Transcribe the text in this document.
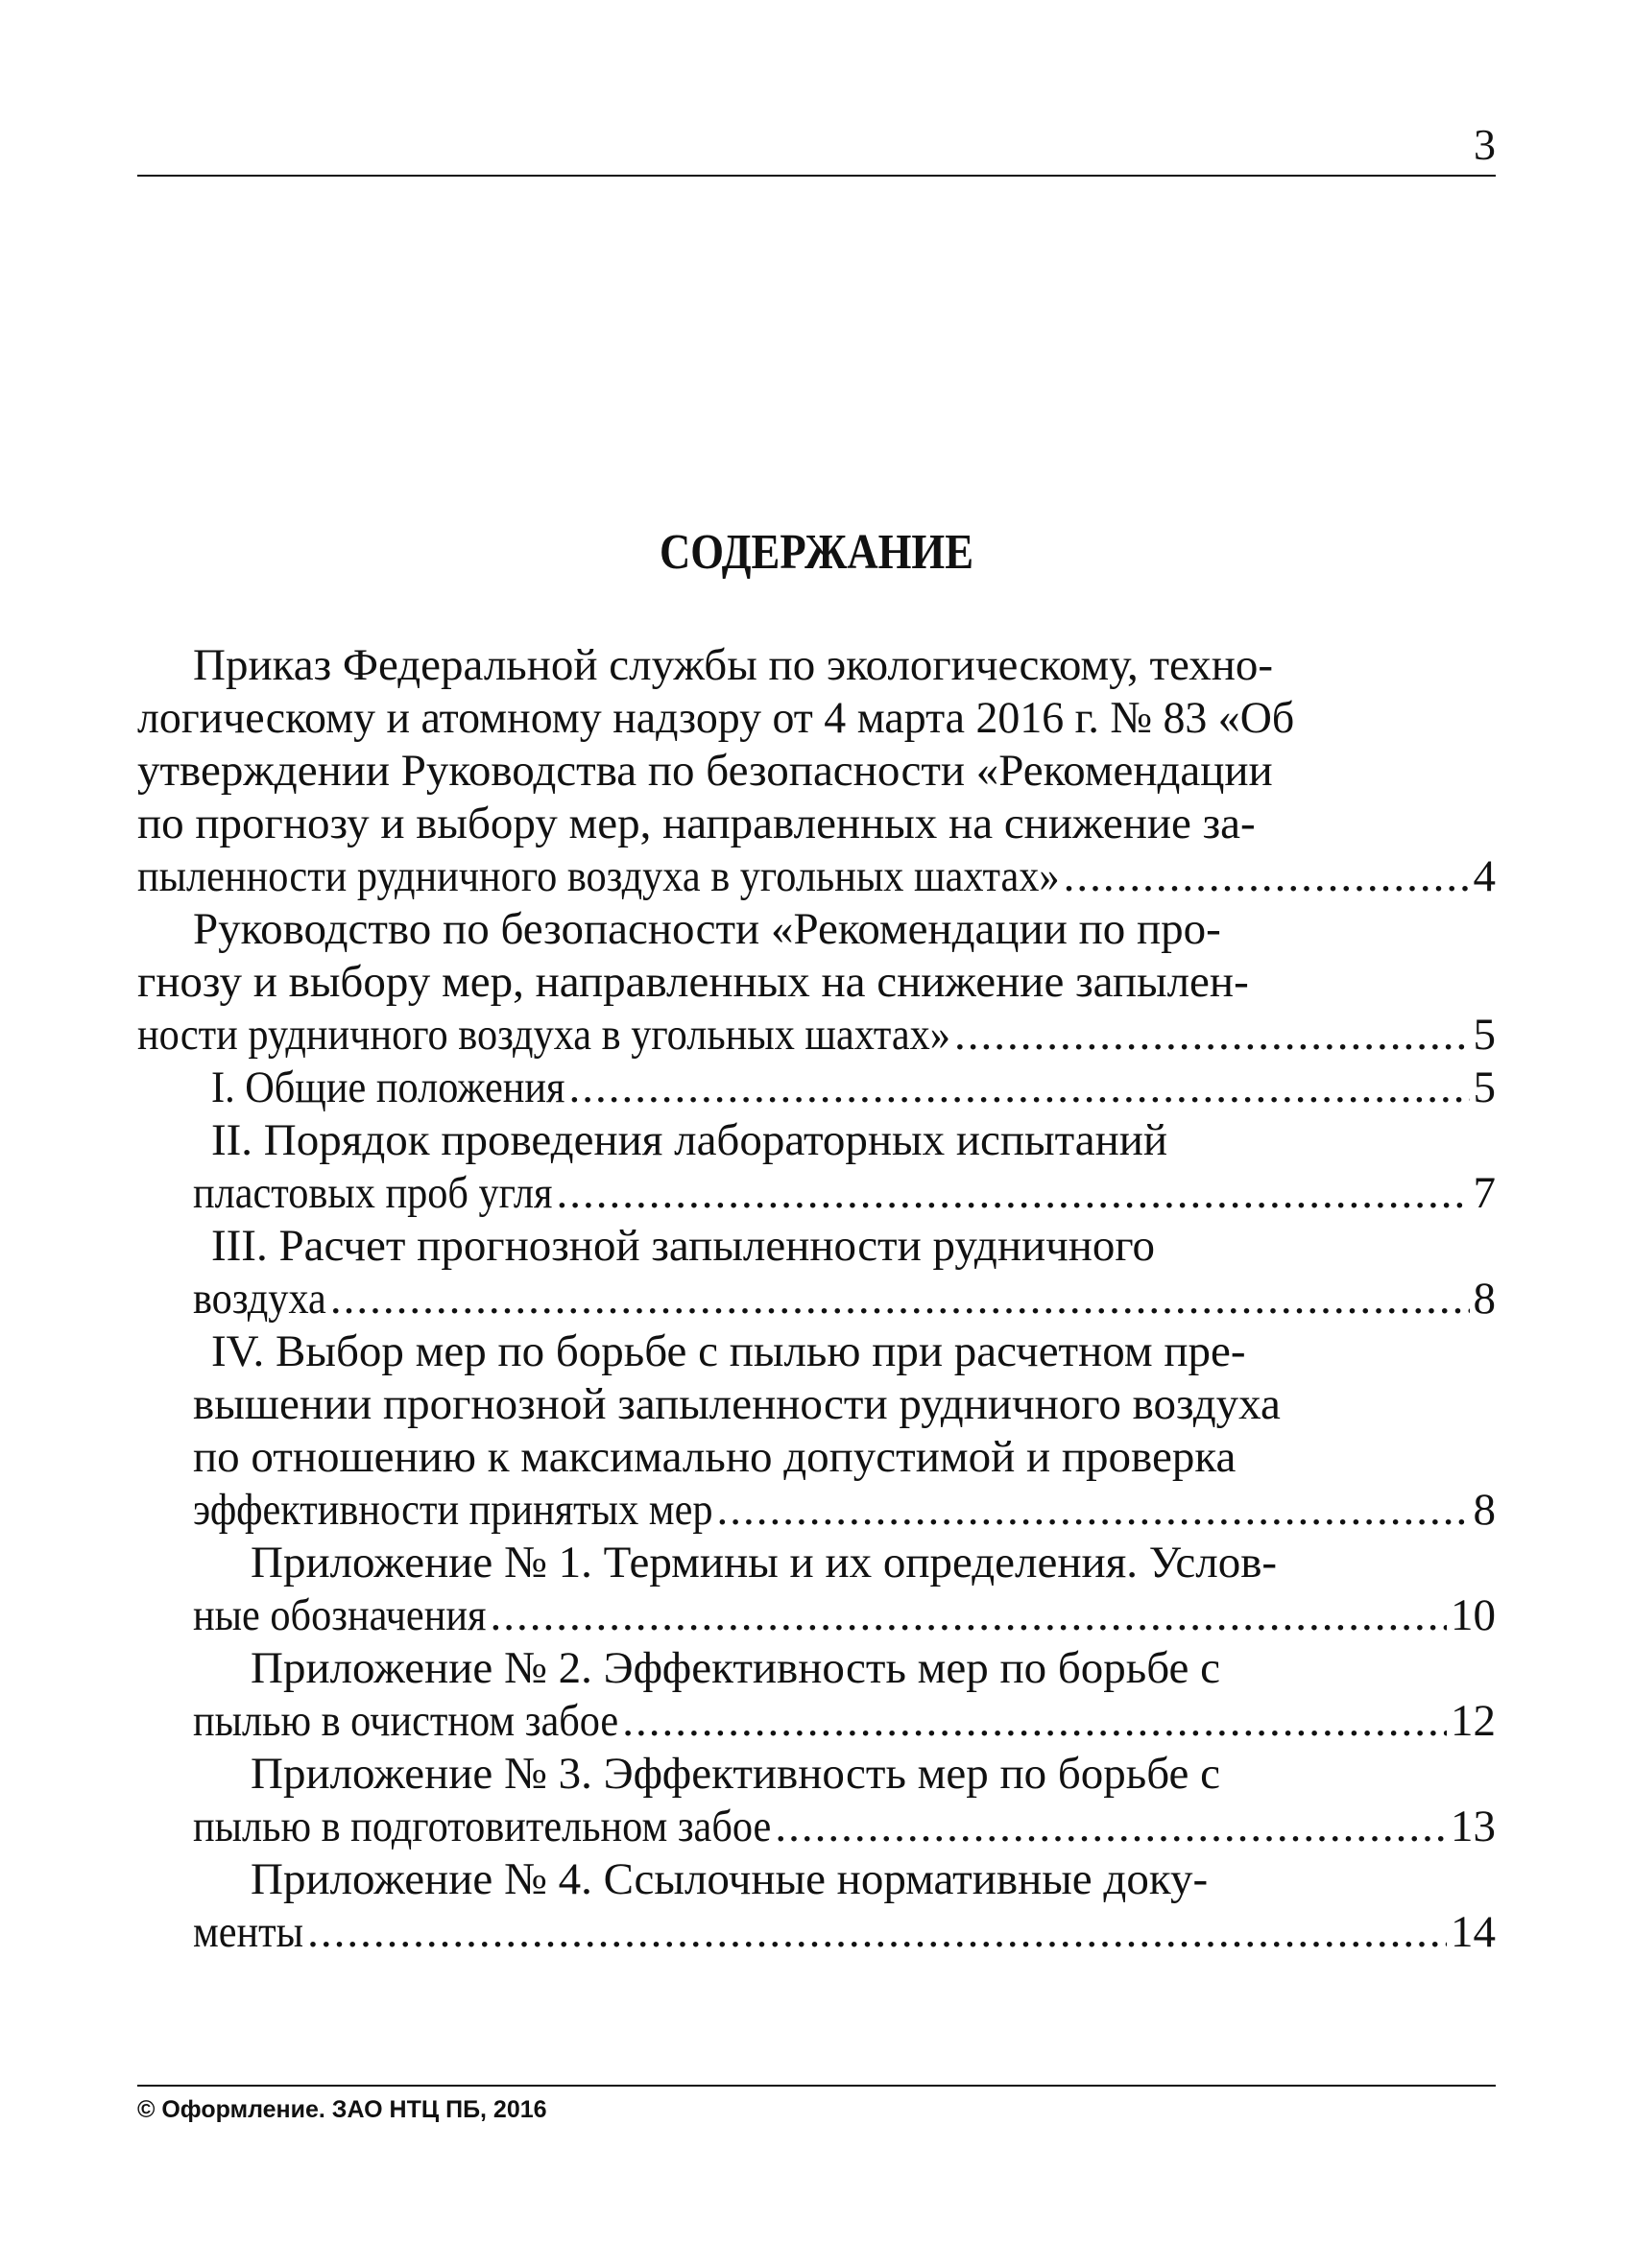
3
СОДЕРЖАНИЕ
Приказ Федеральной службы по экологическому, техно-
логическому и атомному надзору от 4 марта 2016 г. № 83 «Об
утверждении Руководства по безопасности «Рекомендации
по прогнозу и выбору мер, направленных на снижение за-
пыленности рудничного воздуха в угольных шахтах» .....	4
Руководство по безопасности «Рекомендации по про-
гнозу и выбору мер, направленных на снижение запылен-
ности рудничного воздуха в угольных шахтах» .....	5
I. Общие положения .....	5
II. Порядок проведения лабораторных испытаний
пластовых проб угля .....	7
III. Расчет прогнозной запыленности рудничного
воздуха .....	8
IV. Выбор мер по борьбе с пылью при расчетном пре-
вышении прогнозной запыленности рудничного воздуха
по отношению к максимально допустимой и проверка
эффективности принятых мер .....	8
Приложение № 1. Термины и их определения. Услов-
ные обозначения .....	10
Приложение № 2. Эффективность мер по борьбе с
пылью в очистном забое .....	12
Приложение № 3. Эффективность мер по борьбе с
пылью в подготовительном забое .....	13
Приложение № 4. Ссылочные нормативные доку-
менты .....	14
© Оформление. ЗАО НТЦ ПБ, 2016
